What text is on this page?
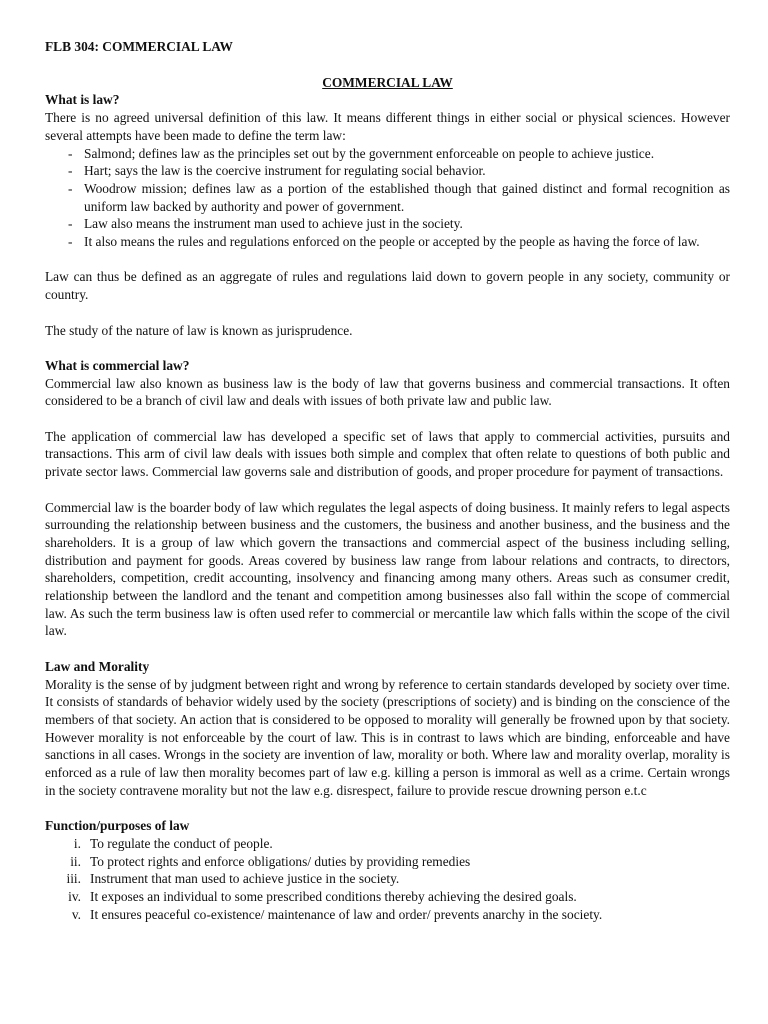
FLB 304: COMMERCIAL LAW
COMMERCIAL LAW
What is law?

There is no agreed universal definition of this law. It means different things in either social or physical sciences. However several attempts have been made to define the term law:

- Salmond; defines law as the principles set out by the government enforceable on people to achieve justice.
- Hart; says the law is the coercive instrument for regulating social behavior.
- Woodrow mission; defines law as a portion of the established though that gained distinct and formal recognition as uniform law backed by authority and power of government.
- Law also means the instrument man used to achieve just in the society.
- It also means the rules and regulations enforced on the people or accepted by the people as having the force of law.

Law can thus be defined as an aggregate of rules and regulations laid down to govern people in any society, community or country.

The study of the nature of law is known as jurisprudence.

What is commercial law?

Commercial law also known as business law is the body of law that governs business and commercial transactions. It often considered to be a branch of civil law and deals with issues of both private law and public law.

The application of commercial law has developed a specific set of laws that apply to commercial activities, pursuits and transactions. This arm of civil law deals with issues both simple and complex that often relate to questions of both public and private sector laws. Commercial law governs sale and distribution of goods, and proper procedure for payment of transactions.

Commercial law is the boarder body of law which regulates the legal aspects of doing business. It mainly refers to legal aspects surrounding the relationship between business and the customers, the business and another business, and the business and the shareholders. It is a group of law which govern the transactions and commercial aspect of the business including selling, distribution and payment for goods. Areas covered by business law range from labour relations and contracts, to directors, shareholders, competition, credit accounting, insolvency and financing among many others. Areas such as consumer credit, relationship between the landlord and the tenant and competition among businesses also fall within the scope of commercial law. As such the term business law is often used refer to commercial or mercantile law which falls within the scope of the civil law.

Law and Morality

Morality is the sense of by judgment between right and wrong by reference to certain standards developed by society over time. It consists of standards of behavior widely used by the society (prescriptions of society) and is binding on the conscience of the members of that society. An action that is considered to be opposed to morality will generally be frowned upon by that society. However morality is not enforceable by the court of law. This is in contrast to laws which are binding, enforceable and have sanctions in all cases. Wrongs in the society are invention of law, morality or both. Where law and morality overlap, morality is enforced as a rule of law then morality becomes part of law e.g. killing a person is immoral as well as a crime. Certain wrongs in the society contravene morality but not the law e.g. disrespect, failure to provide rescue drowning person e.t.c

Function/purposes of law
i. To regulate the conduct of people.
ii. To protect rights and enforce obligations/ duties by providing remedies
iii. Instrument that man used to achieve justice in the society.
iv. It exposes an individual to some prescribed conditions thereby achieving the desired goals.
v. It ensures peaceful co-existence/ maintenance of law and order/ prevents anarchy in the society.
